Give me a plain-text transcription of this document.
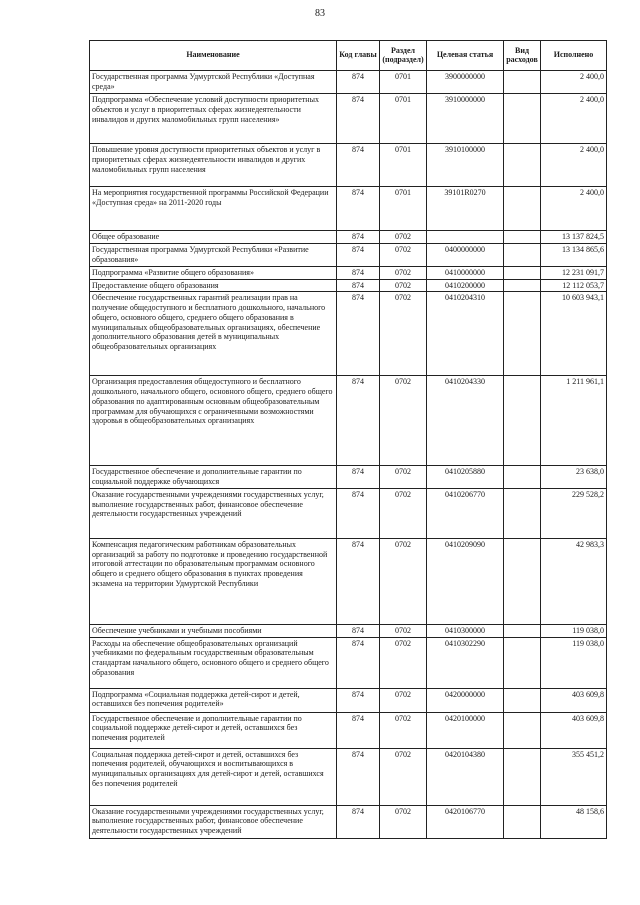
83
Наименование	Код главы	Раздел (подраздел)	Целевая статья	Вид расходов	Исполнено
Государственная программа Удмуртской Республики «Доступная среда»	874	0701	3900000000		2 400,0
Подпрограмма «Обеспечение условий доступности приоритетных объектов и услуг в приоритетных сферах жизнедеятельности инвалидов и других маломобильных групп населения»	874	0701	3910000000		2 400,0
Повышение уровня доступности приоритетных объектов и услуг в приоритетных сферах жизнедеятельности инвалидов и других маломобильных групп населения	874	0701	3910100000		2 400,0
На мероприятия государственной программы Российской Федерации «Доступная среда» на 2011-2020 годы	874	0701	39101R0270		2 400,0
Общее образование	874	0702			13 137 824,5
Государственная программа Удмуртской Республики «Развитие образования»	874	0702	0400000000		13 134 865,6
Подпрограмма «Развитие общего образования»	874	0702	0410000000		12 231 091,7
Предоставление общего образования	874	0702	0410200000		12 112 053,7
Обеспечение государственных гарантий реализации прав на получение общедоступного и бесплатного дошкольного, начального общего, основного общего, среднего общего образования в муниципальных общеобразовательных организациях, обеспечение дополнительного образования детей в муниципальных общеобразовательных организациях	874	0702	0410204310		10 603 943,1
Организация предоставления общедоступного и бесплатного дошкольного, начального общего, основного общего, среднего общего образования по адаптированным основным общеобразовательным программам для обучающихся с ограниченными возможностями здоровья в общеобразовательных организациях	874	0702	0410204330		1 211 961,1
Государственное обеспечение и дополнительные гарантии по социальной поддержке обучающихся	874	0702	0410205880		23 638,0
Оказание государственными учреждениями государственных услуг, выполнение государственных работ, финансовое обеспечение деятельности государственных учреждений	874	0702	0410206770		229 528,2
Компенсация педагогическим работникам образовательных организаций за работу по подготовке и проведению государственной итоговой аттестации по образовательным программам основного общего и среднего общего образования в пунктах проведения экзамена на территории Удмуртской Республики	874	0702	0410209090		42 983,3
Обеспечение учебниками и учебными пособиями	874	0702	0410300000		119 038,0
Расходы на обеспечение общеобразовательных организаций учебниками по федеральным государственным образовательным стандартам начального общего, основного общего и среднего общего образования	874	0702	0410302290		119 038,0
Подпрограмма «Социальная поддержка детей-сирот и детей, оставшихся без попечения родителей»	874	0702	0420000000		403 609,8
Государственное обеспечение и дополнительные гарантии по социальной поддержке детей-сирот и детей, оставшихся без попечения родителей	874	0702	0420100000		403 609,8
Социальная поддержка детей-сирот и детей, оставшихся без попечения родителей, обучающихся и воспитывающихся в муниципальных организациях для детей-сирот и детей, оставшихся без попечения родителей	874	0702	0420104380		355 451,2
Оказание государственными учреждениями государственных услуг, выполнение государственных работ, финансовое обеспечение деятельности государственных учреждений	874	0702	0420106770		48 158,6
